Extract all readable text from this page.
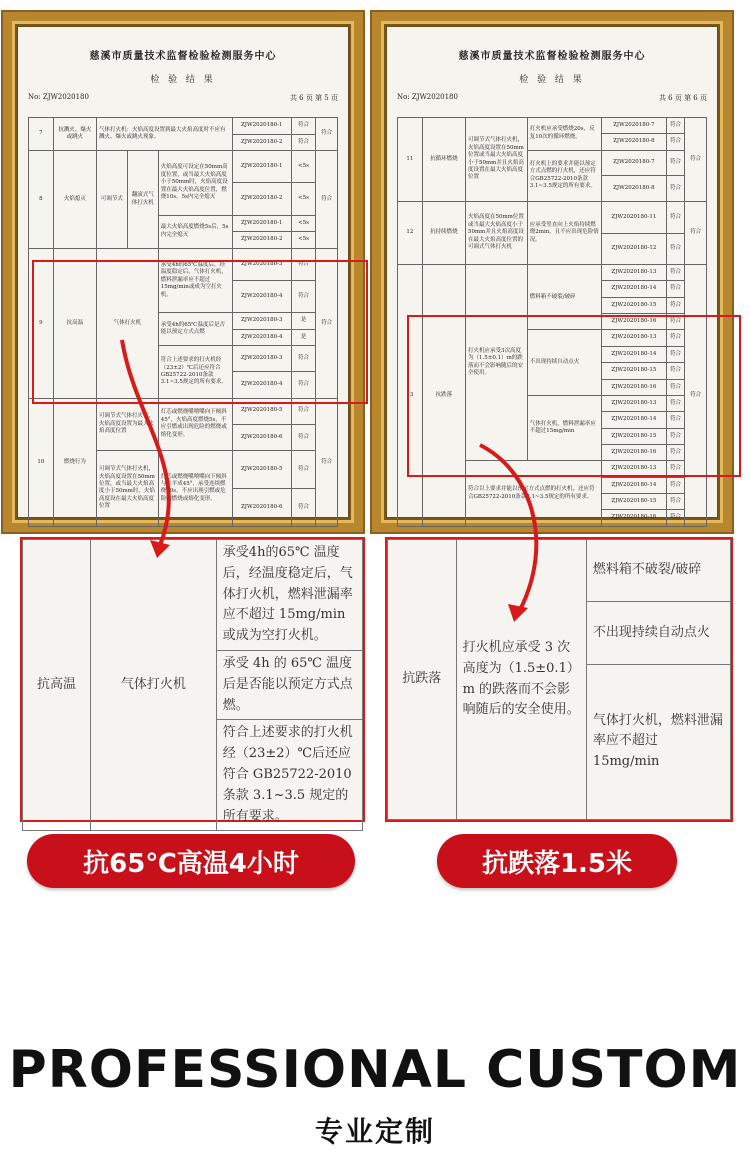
慈溪市质量技术监督检验检测服务中心
检 验 结 果
No: ZJW2020180	共 6 页 第 5 页
7	抗溅火、爆火或跳火	气体打火机：火焰高度设置到最大火焰高度时不应有溅火、爆火或跳火现象。			ZJW2020180-1	符合	符合
					ZJW2020180-2	符合	
8	火焰熄灭	可调节式	翻滚式气体打火机	火焰高度可设定在50mm高度位置，或当最大火焰高度小于50mm时，火焰高度设置在最大火焰高度位置，燃烧10s，5s内完全熄灭	ZJW2020180-1	<5s	符合
					ZJW2020180-2	<5s	
				最大火焰高度燃烧5s后，5s内完全熄灭	ZJW2020180-1	<5s	
					ZJW2020180-2	<5s	
9	抗高温	气体打火机		承受4h的65℃温度后，经温度稳定后，气体打火机，燃料泄漏率应不超过15mg/min或成为空打火机。	ZJW2020180-3	符合	符合
					ZJW2020180-4	符合	
				承受4h的65℃温度后是否能以预定方式点燃	ZJW2020180-3	是	
					ZJW2020180-4	是	
				符合上述要求的打火机经（23±2）℃后还应符合GB25722-2010条款3.1~3.5规定的所有要求。	ZJW2020180-3	符合	
					ZJW2020180-4	符合	
10	燃烧行为	可调节式气体打火机，火焰高度设置为最大火焰高度位置		灯芯或燃烧嘴喷嘴向下倾斜45°，火焰高度燃烧5s，不应引燃或出现危险的燃烧或熔化变形。	ZJW2020180-5	符合	符合
					ZJW2020180-6	符合	
		可调节式气体打火机，火焰高度设置在50mm位置，或当最大火焰高度小于50mm时，火焰高度设在最大火焰高度位置		灯芯或燃烧嘴喷嘴向下倾斜与水平成45°，承受连续燃烧10s，不应出现引燃或危险的燃烧或熔化变形。	ZJW2020180-5	符合	
					ZJW2020180-6	符合	
慈溪市质量技术监督检验检测服务中心
检 验 结 果
No: ZJW2020180	共 6 页 第 6 页
11	抗循环燃烧	可调节式气体打火机，火焰高度设置在50mm位置或当最大火焰高度小于50mm并且火焰高度设置在最大火焰高度位置	打火机应承受燃烧20s，反复10次的循环燃烧。	ZJW2020180-7	符合	符合
				ZJW2020180-8	符合	
			打火机上的要求并能以预定方式点燃的打火机，还应符合GB25722-2010条款3.1~3.5规定的所有要求。	ZJW2020180-7	符合	
				ZJW2020180-8	符合	
12	抗持续燃烧	火焰高度在50mm位置或当最大火焰高度小于50mm并且火焰高度设在最大火焰高度位置的可调式气体打火机	应承受竖直向上火焰持续燃烧2min，且不应出现危险情况。	ZJW2020180-11	符合	符合
				ZJW2020180-12	符合	
13	抗跌落	打火机应承受3次高度为（1.5±0.1）m的跌落而不会影响随后的安全使用。	燃料箱不破裂/破碎	ZJW2020180-13	符合	符合
				ZJW2020180-14	符合	
				ZJW2020180-15	符合	
				ZJW2020180-16	符合	
			不出现持续自动点火	ZJW2020180-13	符合	
				ZJW2020180-14	符合	
				ZJW2020180-15	符合	
				ZJW2020180-16	符合	
			气体打火机，燃料泄漏率应不超过15mg/min	ZJW2020180-13	符合	
				ZJW2020180-14	符合	
				ZJW2020180-15	符合	
				ZJW2020180-16	符合	
		符合以上要求并能以预定方式点燃的打火机，还应符合GB25722-2010条款3.1~3.5规定的所有要求。		ZJW2020180-13	符合	
				ZJW2020180-14	符合	
				ZJW2020180-15	符合	
				ZJW2020180-16	符合	
抗高温	气体打火机	承受4h的65℃ 温度后，经温度稳定后，气体打火机，燃料泄漏率应不超过 15mg/min 或成为空打火机。
承受 4h 的 65℃ 温度后是否能以预定方式点燃。
符合上述要求的打火机经（23±2）℃后还应符合 GB25722-2010 条款 3.1~3.5 规定的所有要求。
抗跌落	打火机应承受 3 次高度为（1.5±0.1）m 的跌落而不会影响随后的安全使用。	燃料箱不破裂/破碎
不出现持续自动点火
气体打火机，燃料泄漏率应不超过 15mg/min
抗65℃高温4小时	抗跌落1.5米
PROFESSIONAL CUSTOM
专业定制
